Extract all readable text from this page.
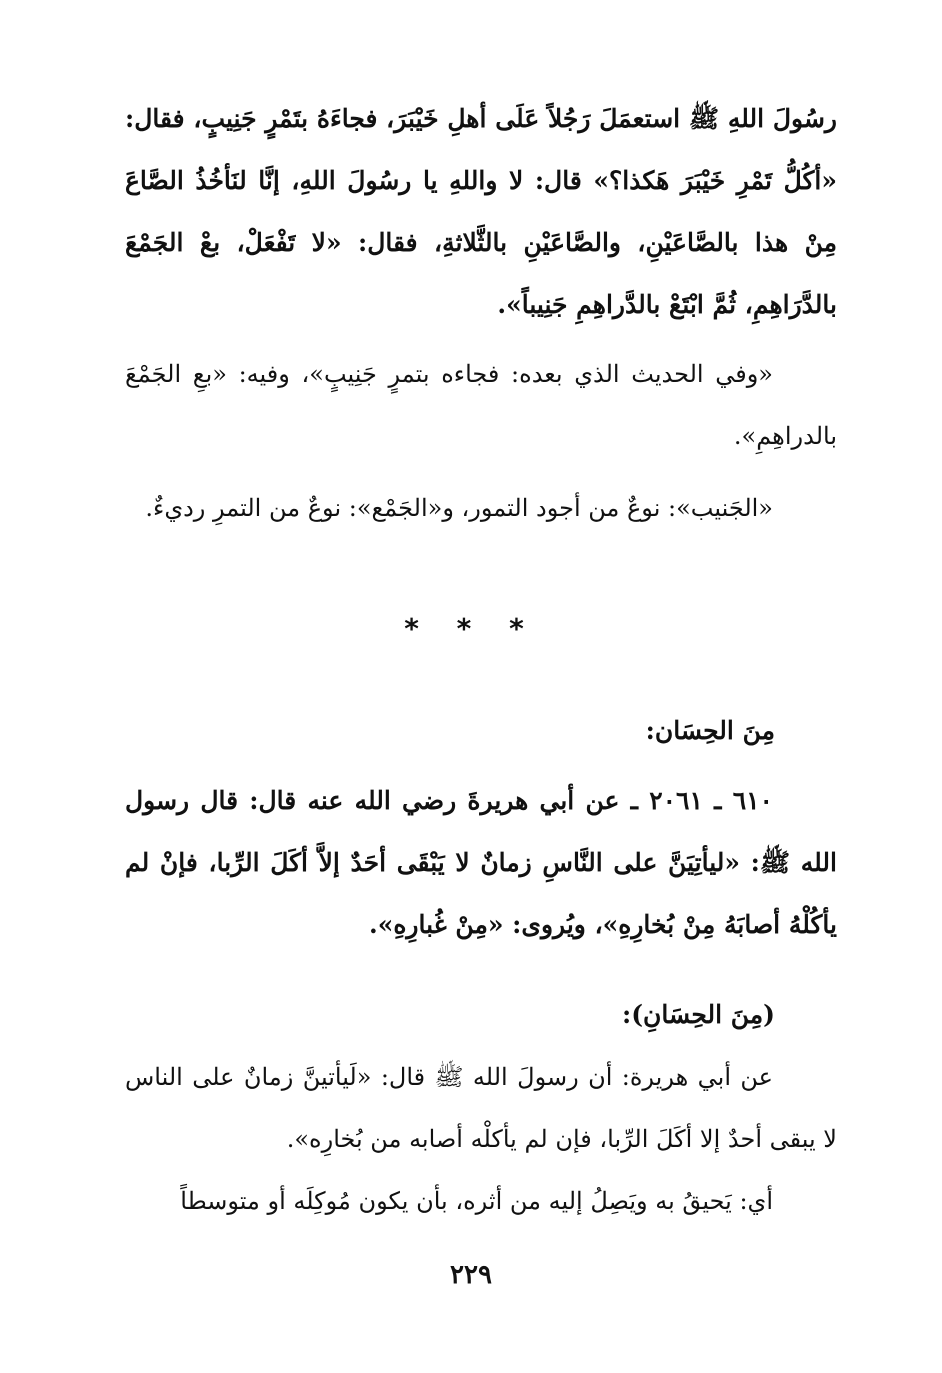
رسُولَ اللهِ ﷺ استعمَلَ رَجُلاً عَلَى أهلِ خَيْبَرَ، فجاءَهُ بتَمْرٍ جَنِيبٍ، فقال: «أكُلُّ تَمْرِ خَيْبَرَ هَكذا؟» قال: لا واللهِ يا رسُولَ اللهِ، إنَّا لنَأخُذُ الصَّاعَ مِنْ هذا بالصَّاعَيْنِ، والصَّاعَيْنِ بالثَّلاثةِ، فقال: «لا تَفْعَلْ، بعْ الجَمْعَ بالدَّرَاهِمِ، ثُمَّ ابْتَعْ بالدَّراهِمِ جَنِيباً».

«وفي الحديث الذي بعده: فجاءه بتمرٍ جَنِيبٍ»، وفيه: «بعِ الجَمْعَ بالدراهِمِ».

«الجَنيب»: نوعٌ من أجود التمور، و«الجَمْع»: نوعٌ من التمرِ رديءٌ.

* * *
مِنَ الحِسَان:

٦١٠ ـ ٢٠٦١ ـ عن أبي هريرةَ رضي الله عنه قال: قال رسول الله ﷺ: «ليأتِيَنَّ على النَّاسِ زمانٌ لا يَبْقَى أحَدٌ إلاَّ أكَلَ الرِّبا، فإنْ لم يأكُلْهُ أصابَهُ مِنْ بُخارِهِ»، ويُروى: «مِنْ غُبارِهِ».

(مِنَ الحِسَانِ):

عن أبي هريرة: أن رسولَ الله ﷺ قال: «لَيأتينَّ زمانٌ على الناس لا يبقى أحدٌ إلا أكَلَ الرِّبا، فإن لم يأكلْه أصابه من بُخارِه».

أي: يَحيقُ به ويَصِلُ إليه من أثره، بأن يكون مُوكِلَه أو متوسطاً

٢٢٩
